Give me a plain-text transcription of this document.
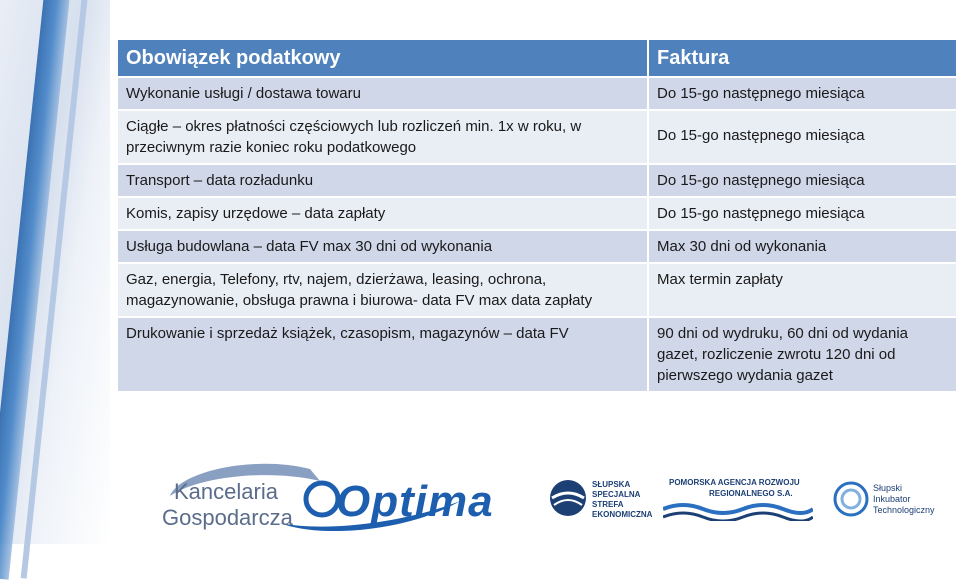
Obowiązek podatkowy	Faktura
Wykonanie usługi / dostawa towaru	Do 15-go następnego miesiąca
Ciągłe – okres płatności częściowych lub rozliczeń min. 1x w roku, w przeciwnym razie koniec roku podatkowego	Do 15-go następnego miesiąca
Transport – data rozładunku	Do 15-go następnego miesiąca
Komis, zapisy urzędowe – data zapłaty	Do 15-go następnego miesiąca
Usługa budowlana – data FV max 30 dni od wykonania	Max 30 dni od wykonania
Gaz, energia, Telefony, rtv, najem, dzierżawa, leasing, ochrona, magazynowanie, obsługa prawna i biurowa- data FV max data zapłaty	Max termin zapłaty
Drukowanie i sprzedaż książek, czasopism, magazynów – data FV	90 dni od wydruku, 60 dni od wydania gazet, rozliczenie zwrotu 120 dni od pierwszego wydania gazet
Kancelaria
Gospodarcza Optima	SŁUPSKA
SPECJALNA
STREFA
EKONOMICZNA
POMORSKA AGENCJA ROZWOJU
REGIONALNEGO S.A.
Słupski
Inkubator
Technologiczny
